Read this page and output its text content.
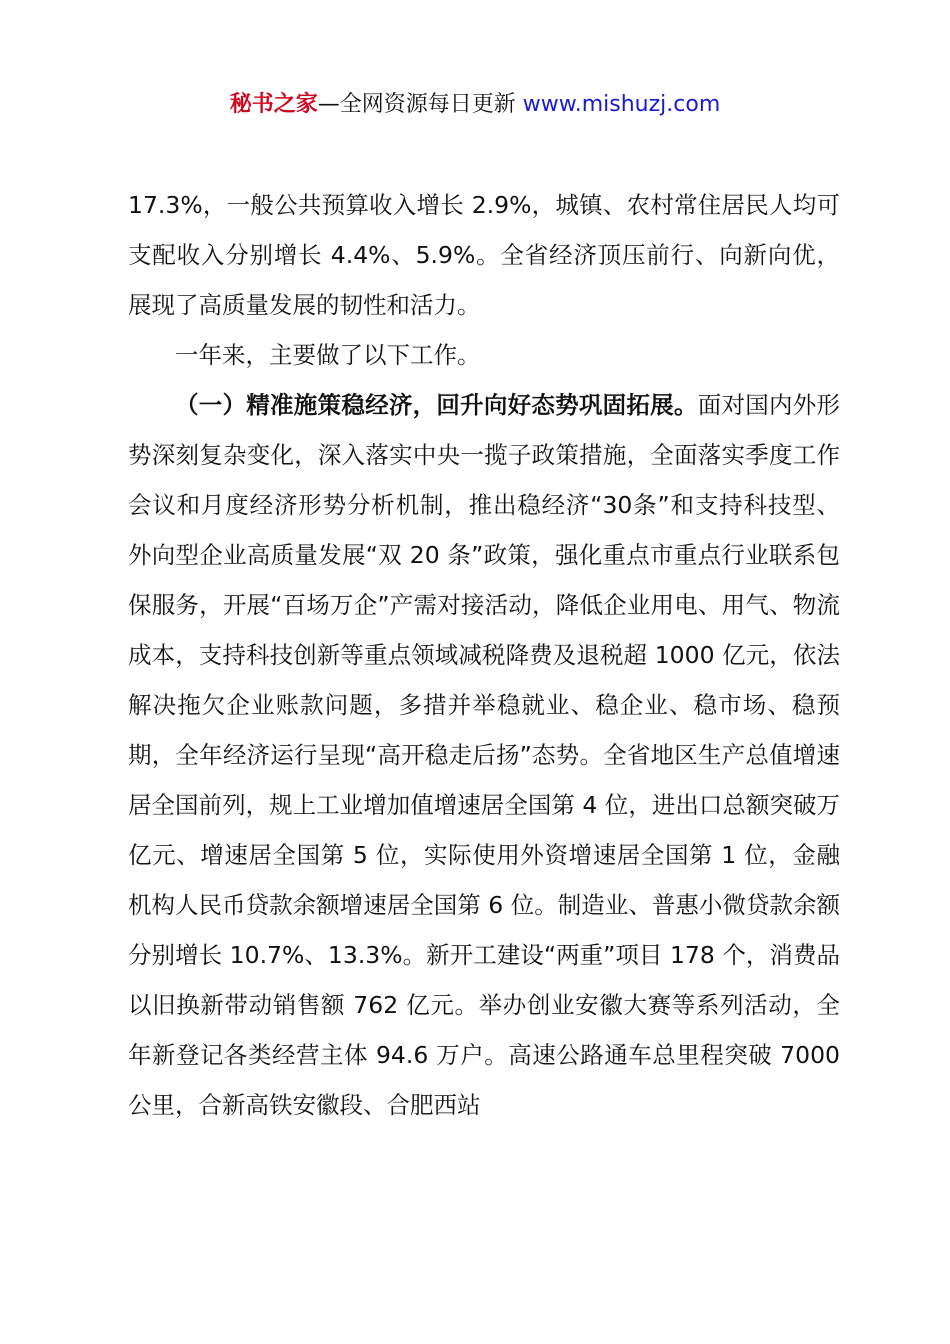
秘书之家—全网资源每日更新 www.mishuzj.com

17.3%，一般公共预算收入增长 2.9%，城镇、农村常住居民人均可支配收入分别增长 4.4%、5.9%。全省经济顶压前行、向新向优，展现了高质量发展的韧性和活力。

一年来，主要做了以下工作。

（一）精准施策稳经济，回升向好态势巩固拓展。面对国内外形势深刻复杂变化，深入落实中央一揽子政策措施，全面落实季度工作会议和月度经济形势分析机制，推出稳经济“30条”和支持科技型、外向型企业高质量发展“双 20 条”政策，强化重点市重点行业联系包保服务，开展“百场万企”产需对接活动，降低企业用电、用气、物流成本，支持科技创新等重点领域减税降费及退税超 1000 亿元，依法解决拖欠企业账款问题，多措并举稳就业、稳企业、稳市场、稳预期，全年经济运行呈现“高开稳走后扬”态势。全省地区生产总值增速居全国前列，规上工业增加值增速居全国第 4 位，进出口总额突破万亿元、增速居全国第 5 位，实际使用外资增速居全国第 1 位，金融机构人民币贷款余额增速居全国第 6 位。制造业、普惠小微贷款余额分别增长 10.7%、13.3%。新开工建设“两重”项目 178 个，消费品以旧换新带动销售额 762 亿元。举办创业安徽大赛等系列活动，全年新登记各类经营主体 94.6 万户。高速公路通车总里程突破 7000 公里，合新高铁安徽段、合肥西站
